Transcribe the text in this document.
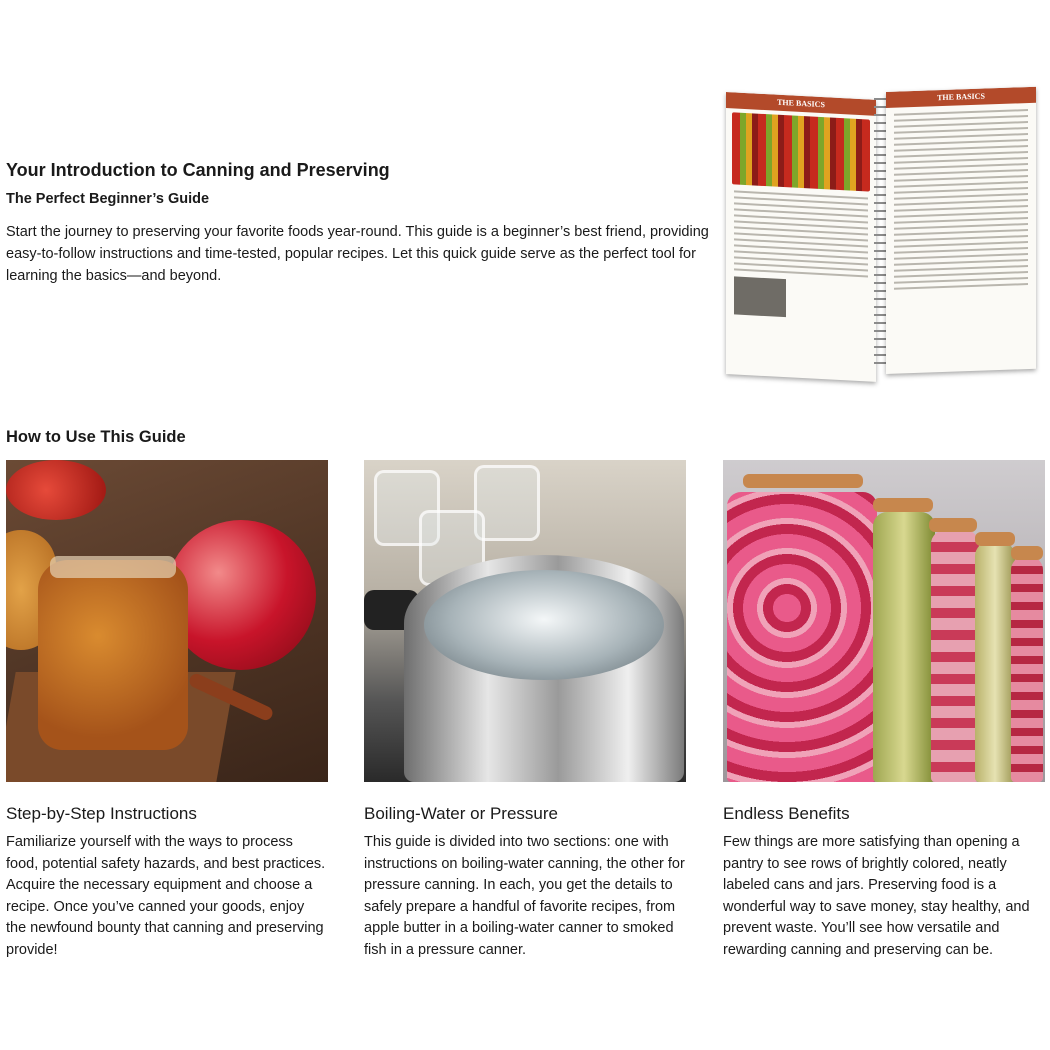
Your Introduction to Canning and Preserving
The Perfect Beginner’s Guide

Start the journey to preserving your favorite foods year-round. This guide is a beginner’s best friend, providing easy-to-follow instructions and time-tested, popular recipes. Let this quick guide serve as the perfect tool for learning the basics—and beyond.

THE BASICS
THE BASICS
How to Use This Guide
Step-by-Step Instructions

Familiarize yourself with the ways to process food, potential safety hazards, and best practices. Acquire the necessary equipment and choose a recipe. Once you’ve canned your goods, enjoy the newfound bounty that canning and preserving provide!

Boiling-Water or Pressure

This guide is divided into two sections: one with instructions on boiling-water canning, the other for pressure canning. In each, you get the details to safely prepare a handful of favorite recipes, from apple butter in a boiling-water canner to smoked fish in a pressure canner.

Endless Benefits

Few things are more satisfying than opening a pantry to see rows of brightly colored, neatly labeled cans and jars. Preserving food is a wonderful way to save money, stay healthy, and prevent waste. You’ll see how versatile and rewarding canning and preserving can be.
